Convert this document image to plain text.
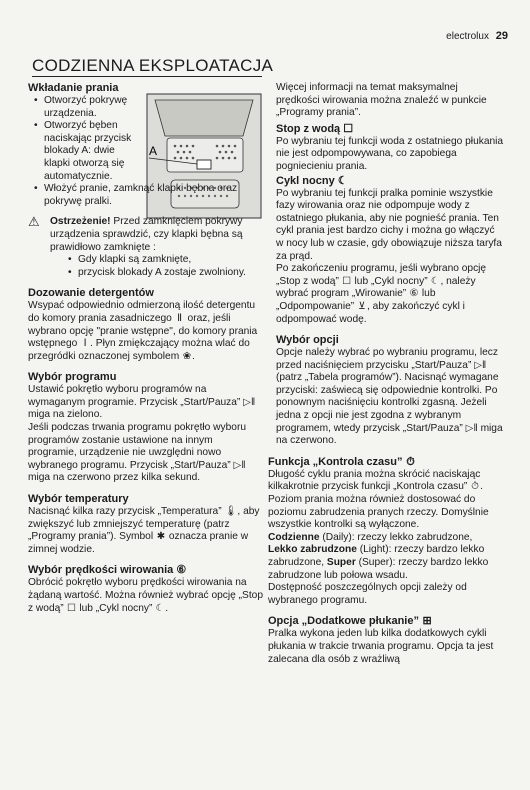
electrolux 29
CODZIENNA EKSPLOATACJA
A
Wkładanie prania
• Otworzyć pokrywę urządzenia.
• Otworzyć bęben naciskając przycisk blokady A: dwie klapki otworzą się automatycznie.
• Włożyć pranie, zamknąć klapki bębna oraz pokrywę pralki.
⚠ Ostrzeżenie! Przed zamknięciem pokrywy urządzenia sprawdzić, czy klapki bębna są prawidłowo zamknięte :

• Gdy klapki są zamknięte,
• przycisk blokady A zostaje zwolniony.
Dozowanie detergentów

Wsypać odpowiednio odmierzoną ilość detergentu do komory prania zasadniczego Ⅱ oraz, jeśli wybrano opcję "pranie wstępne", do komory prania wstępnego Ⅰ . Płyn zmiękczający można wlać do przegródki oznaczonej symbolem ❀.

Wybór programu

Ustawić pokrętło wyboru programów na wymaganym programie. Przycisk „Start/Pauza” ▷‖ miga na zielono.

Jeśli podczas trwania programu pokrętło wyboru programów zostanie ustawione na innym programie, urządzenie nie uwzględni nowo wybranego programu. Przycisk „Start/Pauza” ▷‖ miga na czerwono przez kilka sekund.

Wybór temperatury

Nacisnąć kilka razy przycisk „Temperatura” 🌡, aby zwiększyć lub zmniejszyć temperaturę (patrz „Programy prania”). Symbol ✱ oznacza pranie w zimnej wodzie.

Wybór prędkości wirowania ⑥

Obrócić pokrętło wyboru prędkości wirowania na żądaną wartość. Można również wybrać opcję „Stop z wodą” ☐ lub „Cykl nocny” ☾.

Więcej informacji na temat maksymalnej prędkości wirowania można znaleźć w punkcie „Programy prania”.

Stop z wodą ☐

Po wybraniu tej funkcji woda z ostatniego płukania nie jest odpompowywana, co zapobiega pogniecieniu prania.

Cykl nocny ☾

Po wybraniu tej funkcji pralka pominie wszystkie fazy wirowania oraz nie odpompuje wody z ostatniego płukania, aby nie pognieść prania. Ten cykl prania jest bardzo cichy i można go włączyć w nocy lub w czasie, gdy obowiązuje niższa taryfa za prąd.

Po zakończeniu programu, jeśli wybrano opcję „Stop z wodą” ☐ lub „Cykl nocny” ☾, należy wybrać program „Wirowanie” ⑥ lub „Odpompowanie” ⊻, aby zakończyć cykl i odpompować wodę.

Wybór opcji

Opcje należy wybrać po wybraniu programu, lecz przed naciśnięciem przycisku „Start/Pauza” ▷‖ (patrz „Tabela programów”). Nacisnąć wymagane przyciski: zaświecą się odpowiednie kontrolki. Po ponownym naciśnięciu kontrolki zgasną. Jeżeli jedna z opcji nie jest zgodna z wybranym programem, wtedy przycisk „Start/Pauza” ▷‖ miga na czerwono.

Funkcja „Kontrola czasu” ⏱

Długość cyklu prania można skrócić naciskając kilkakrotnie przycisk funkcji „Kontrola czasu” ⏱. Poziom prania można również dostosować do poziomu zabrudzenia pranych rzeczy. Domyślnie wszystkie kontrolki są wyłączone.

Codzienne (Daily): rzeczy lekko zabrudzone, Lekko zabrudzone (Light): rzeczy bardzo lekko zabrudzone, Super (Super): rzeczy bardzo lekko zabrudzone lub połowa wsadu.

Dostępność poszczególnych opcji zależy od wybranego programu.

Opcja „Dodatkowe płukanie” ⊞

Pralka wykona jeden lub kilka dodatkowych cykli płukania w trakcie trwania programu. Opcja ta jest zalecana dla osób z wrażliwą
